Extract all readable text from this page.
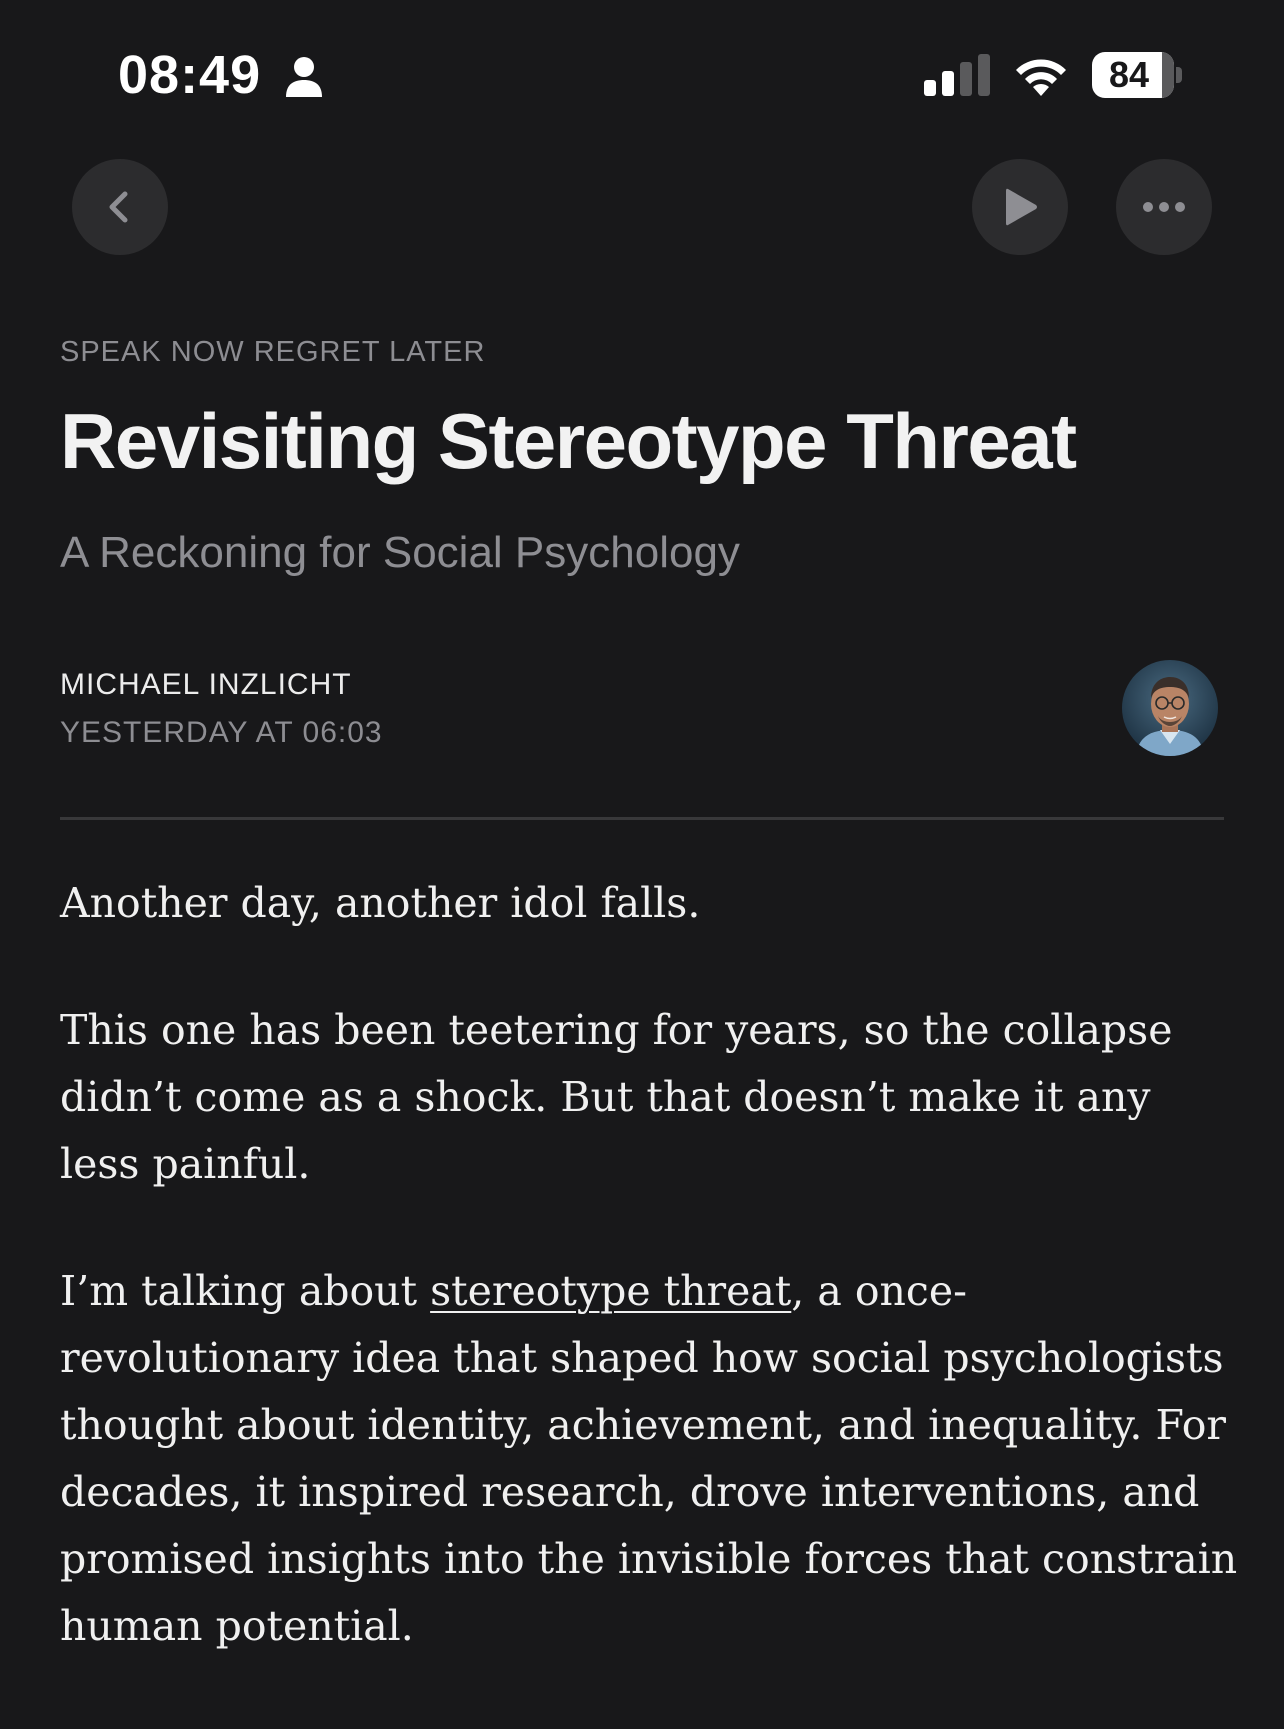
08:49	84
SPEAK NOW REGRET LATER
Revisiting Stereotype Threat
A Reckoning for Social Psychology
MICHAEL INZLICHT
YESTERDAY AT 06:03

Another day, another idol falls.

This one has been teetering for years, so the collapse didn’t come as a shock. But that doesn’t make it any less painful.

I’m talking about stereotype threat, a once-revolutionary idea that shaped how social psychologists thought about identity, achievement, and inequality. For decades, it inspired research, drove interventions, and promised insights into the invisible forces that constrain human potential.
